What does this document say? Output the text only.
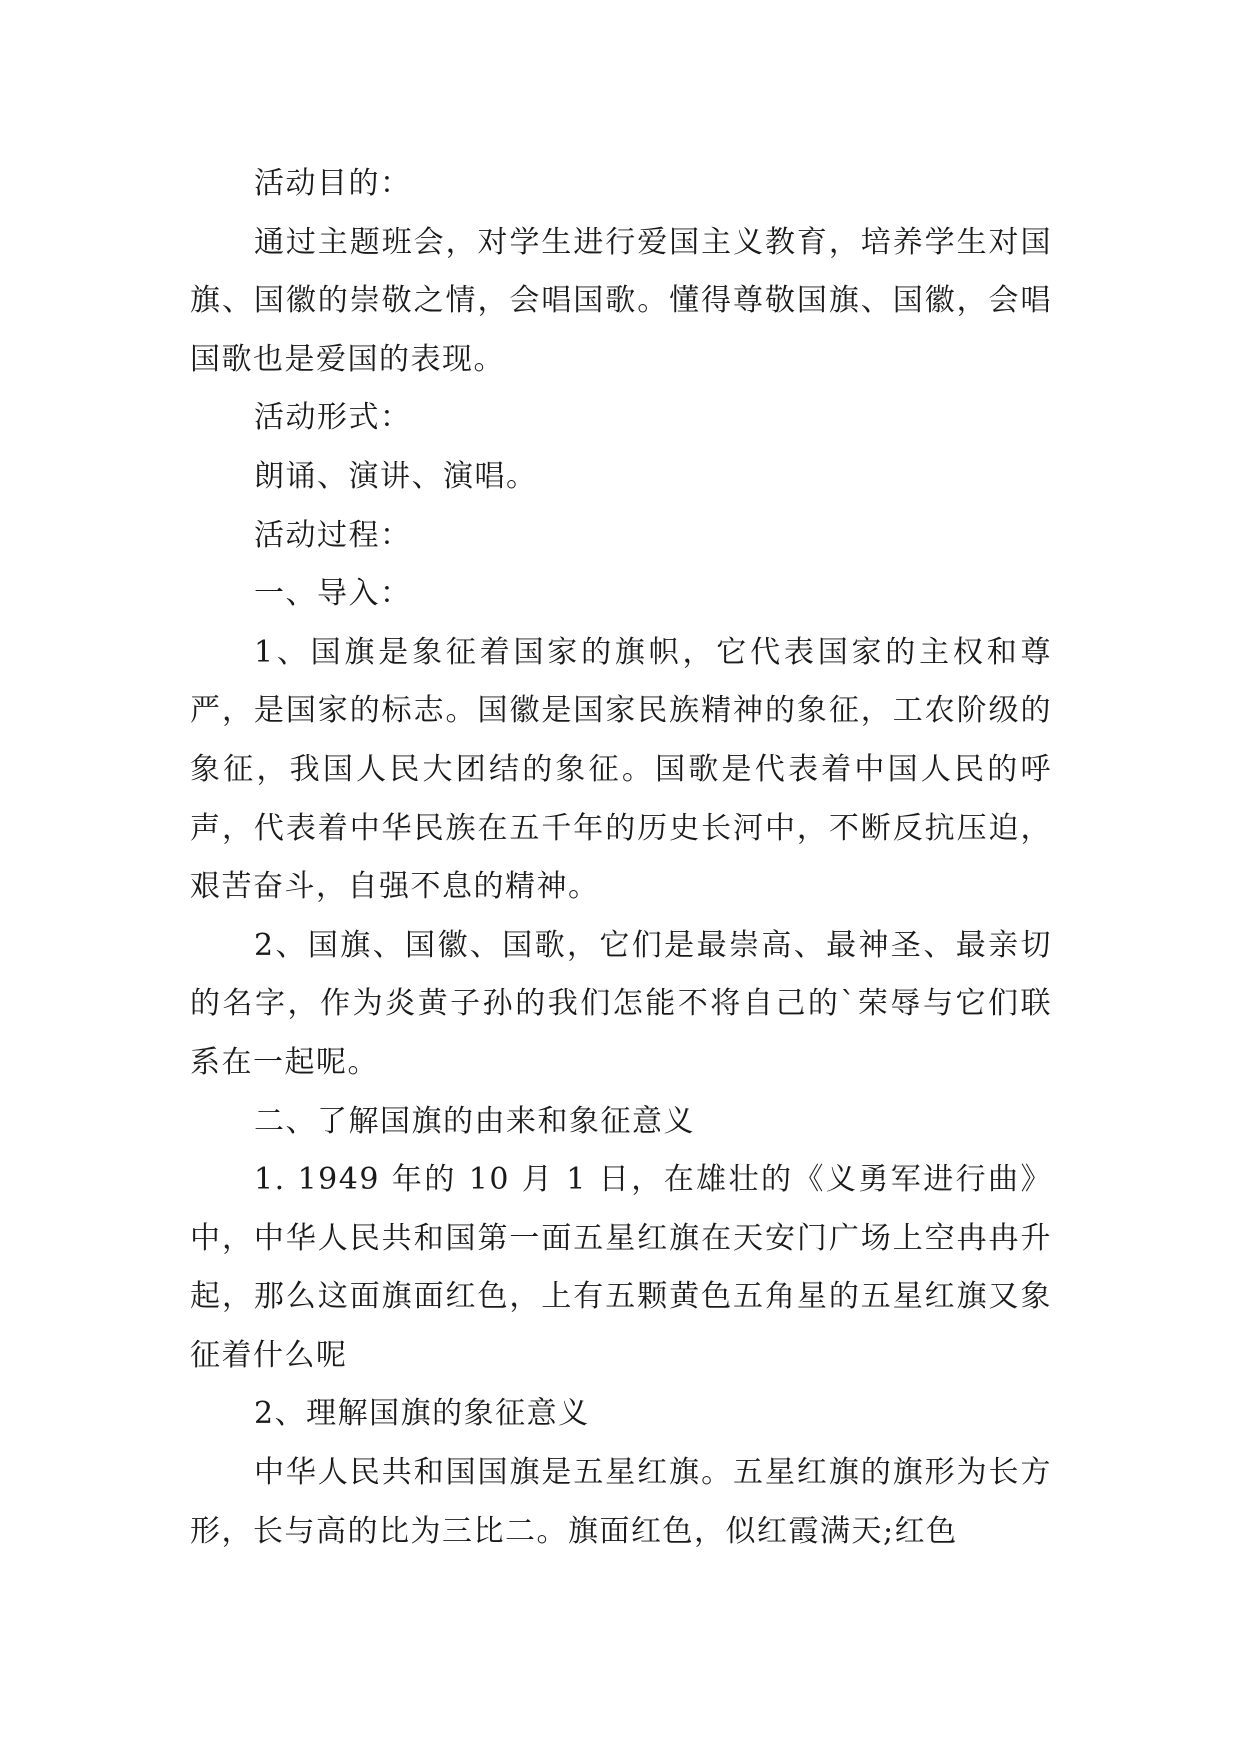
活动目的：

通过主题班会，对学生进行爱国主义教育，培养学生对国旗、国徽的崇敬之情，会唱国歌。懂得尊敬国旗、国徽，会唱国歌也是爱国的表现。

活动形式：

朗诵、演讲、演唱。

活动过程：

一、导入：

1、国旗是象征着国家的旗帜，它代表国家的主权和尊严，是国家的标志。国徽是国家民族精神的象征，工农阶级的象征，我国人民大团结的象征。国歌是代表着中国人民的呼声，代表着中华民族在五千年的历史长河中，不断反抗压迫，艰苦奋斗，自强不息的精神。

2、国旗、国徽、国歌，它们是最崇高、最神圣、最亲切的名字，作为炎黄子孙的我们怎能不将自己的`荣辱与它们联系在一起呢。

二、了解国旗的由来和象征意义

1. 1949 年的 10 月 1 日，在雄壮的《义勇军进行曲》中，中华人民共和国第一面五星红旗在天安门广场上空冉冉升起，那么这面旗面红色，上有五颗黄色五角星的五星红旗又象征着什么呢

2、理解国旗的象征意义

中华人民共和国国旗是五星红旗。五星红旗的旗形为长方形，长与高的比为三比二。旗面红色，似红霞满天;红色
